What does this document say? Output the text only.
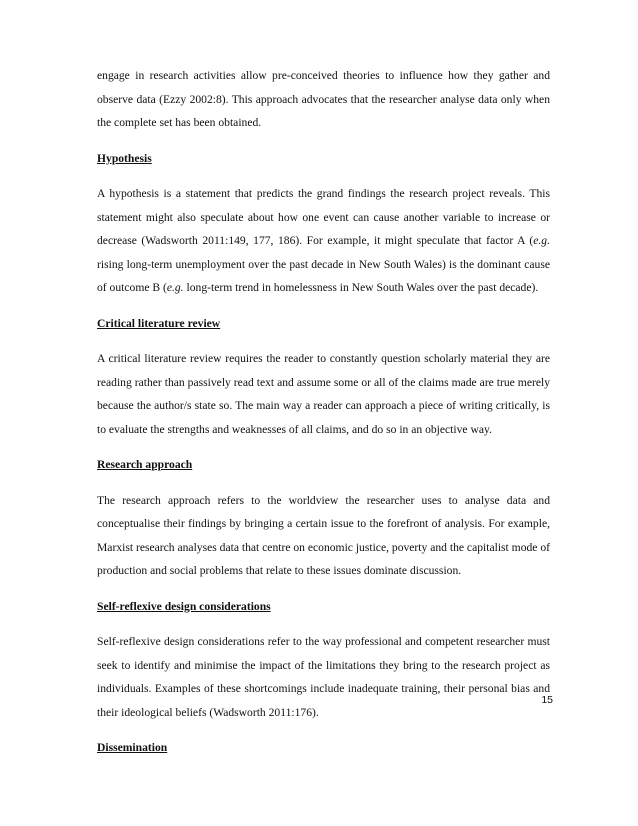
engage in research activities allow pre-conceived theories to influence how they gather and observe data (Ezzy 2002:8). This approach advocates that the researcher analyse data only when the complete set has been obtained.

Hypothesis

A hypothesis is a statement that predicts the grand findings the research project reveals. This statement might also speculate about how one event can cause another variable to increase or decrease (Wadsworth 2011:149, 177, 186). For example, it might speculate that factor A (e.g. rising long-term unemployment over the past decade in New South Wales) is the dominant cause of outcome B (e.g. long-term trend in homelessness in New South Wales over the past decade).

Critical literature review

A critical literature review requires the reader to constantly question scholarly material they are reading rather than passively read text and assume some or all of the claims made are true merely because the author/s state so. The main way a reader can approach a piece of writing critically, is to evaluate the strengths and weaknesses of all claims, and do so in an objective way.

Research approach

The research approach refers to the worldview the researcher uses to analyse data and conceptualise their findings by bringing a certain issue to the forefront of analysis. For example, Marxist research analyses data that centre on economic justice, poverty and the capitalist mode of production and social problems that relate to these issues dominate discussion.

Self-reflexive design considerations

Self-reflexive design considerations refer to the way professional and competent researcher must seek to identify and minimise the impact of the limitations they bring to the research project as individuals. Examples of these shortcomings include inadequate training, their personal bias and their ideological beliefs (Wadsworth 2011:176).

Dissemination
15
